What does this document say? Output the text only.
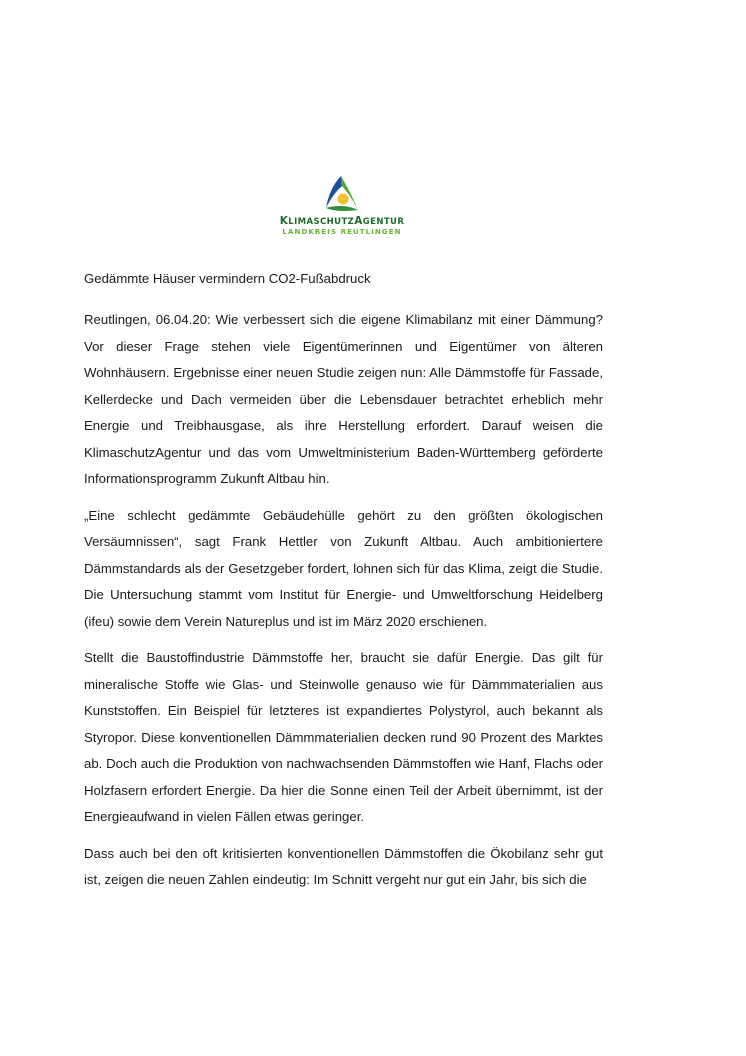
KLIMASCHUTZAGENTUR
LANDKREIS REUTLINGEN
Gedämmte Häuser vermindern CO2-Fußabdruck

Reutlingen, 06.04.20: Wie verbessert sich die eigene Klimabilanz mit einer Dämmung? Vor dieser Frage stehen viele Eigentümerinnen und Eigentümer von älteren Wohnhäusern. Ergebnisse einer neuen Studie zeigen nun: Alle Dämmstoffe für Fassade, Kellerdecke und Dach vermeiden über die Lebensdauer betrachtet erheblich mehr Energie und Treibhausgase, als ihre Herstellung erfordert. Darauf weisen die KlimaschutzAgentur und das vom Umweltministerium Baden-Württemberg geförderte Informationsprogramm Zukunft Altbau hin.

„Eine schlecht gedämmte Gebäudehülle gehört zu den größten ökologischen Versäumnissen“, sagt Frank Hettler von Zukunft Altbau. Auch ambitioniertere Dämmstandards als der Gesetzgeber fordert, lohnen sich für das Klima, zeigt die Studie. Die Untersuchung stammt vom Institut für Energie- und Umweltforschung Heidelberg (ifeu) sowie dem Verein Natureplus und ist im März 2020 erschienen.

Stellt die Baustoffindustrie Dämmstoffe her, braucht sie dafür Energie. Das gilt für mineralische Stoffe wie Glas- und Steinwolle genauso wie für Dämmmaterialien aus Kunststoffen. Ein Beispiel für letzteres ist expandiertes Polystyrol, auch bekannt als Styropor. Diese konventionellen Dämmmaterialien decken rund 90 Prozent des Marktes ab. Doch auch die Produktion von nachwachsenden Dämmstoffen wie Hanf, Flachs oder Holzfasern erfordert Energie. Da hier die Sonne einen Teil der Arbeit übernimmt, ist der Energieaufwand in vielen Fällen etwas geringer.

Dass auch bei den oft kritisierten konventionellen Dämmstoffen die Ökobilanz sehr gut ist, zeigen die neuen Zahlen eindeutig: Im Schnitt vergeht nur gut ein Jahr, bis sich die
